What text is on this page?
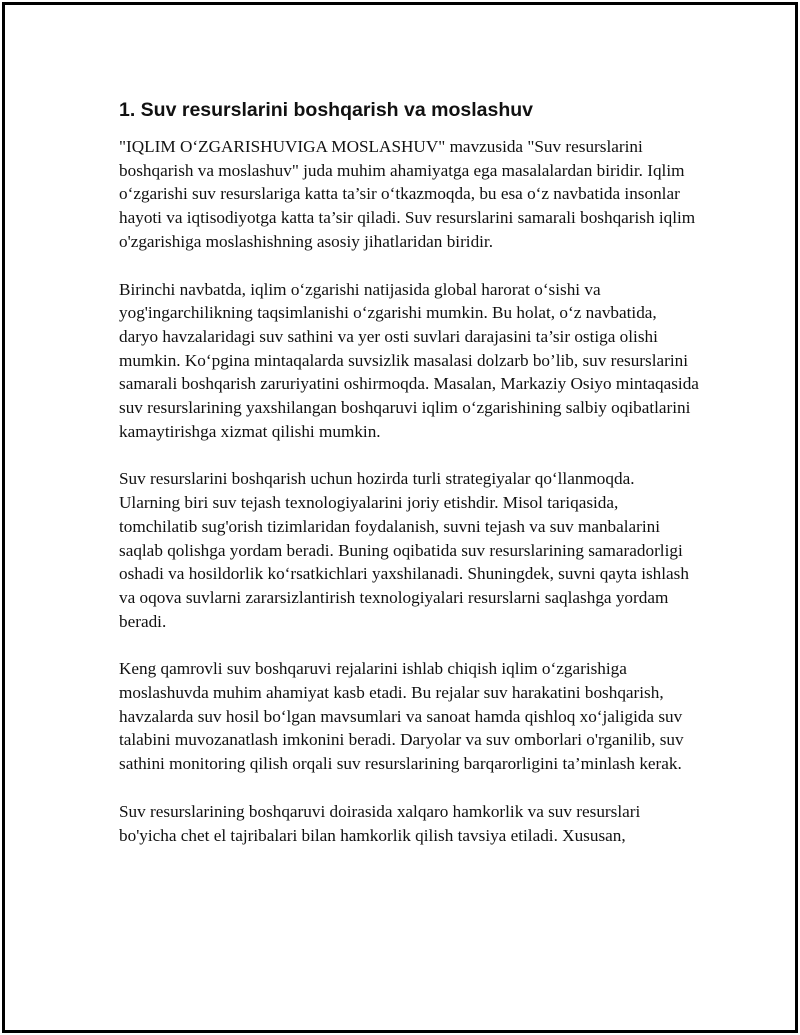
1. Suv resurslarini boshqarish va moslashuv

"IQLIM O‘ZGARISHUVIGA MOSLASHUV" mavzusida "Suv resurslarini boshqarish va moslashuv" juda muhim ahamiyatga ega masalalardan biridir. Iqlim o‘zgarishi suv resurslariga katta ta’sir o‘tkazmoqda, bu esa o‘z navbatida insonlar hayoti va iqtisodiyotga katta ta’sir qiladi. Suv resurslarini samarali boshqarish iqlim o'zgarishiga moslashishning asosiy jihatlaridan biridir.

Birinchi navbatda, iqlim o‘zgarishi natijasida global harorat o‘sishi va yog'ingarchilikning taqsimlanishi o‘zgarishi mumkin. Bu holat, o‘z navbatida, daryo havzalaridagi suv sathini va yer osti suvlari darajasini ta’sir ostiga olishi mumkin. Ko‘pgina mintaqalarda suvsizlik masalasi dolzarb bo’lib, suv resurslarini samarali boshqarish zaruriyatini oshirmoqda. Masalan, Markaziy Osiyo mintaqasida suv resurslarining yaxshilangan boshqaruvi iqlim o‘zgarishining salbiy oqibatlarini kamaytirishga xizmat qilishi mumkin.

Suv resurslarini boshqarish uchun hozirda turli strategiyalar qo‘llanmoqda. Ularning biri suv tejash texnologiyalarini joriy etishdir. Misol tariqasida, tomchilatib sug'orish tizimlaridan foydalanish, suvni tejash va suv manbalarini saqlab qolishga yordam beradi. Buning oqibatida suv resurslarining samaradorligi oshadi va hosildorlik ko‘rsatkichlari yaxshilanadi. Shuningdek, suvni qayta ishlash va oqova suvlarni zararsizlantirish texnologiyalari resurslarni saqlashga yordam beradi.

Keng qamrovli suv boshqaruvi rejalarini ishlab chiqish iqlim o‘zgarishiga moslashuvda muhim ahamiyat kasb etadi. Bu rejalar suv harakatini boshqarish, havzalarda suv hosil bo‘lgan mavsumlari va sanoat hamda qishloq xo‘jaligida suv talabini muvozanatlash imkonini beradi. Daryolar va suv omborlari o'rganilib, suv sathini monitoring qilish orqali suv resurslarining barqarorligini ta’minlash kerak.

Suv resurslarining boshqaruvi doirasida xalqaro hamkorlik va suv resurslari bo'yicha chet el tajribalari bilan hamkorlik qilish tavsiya etiladi. Xususan,
